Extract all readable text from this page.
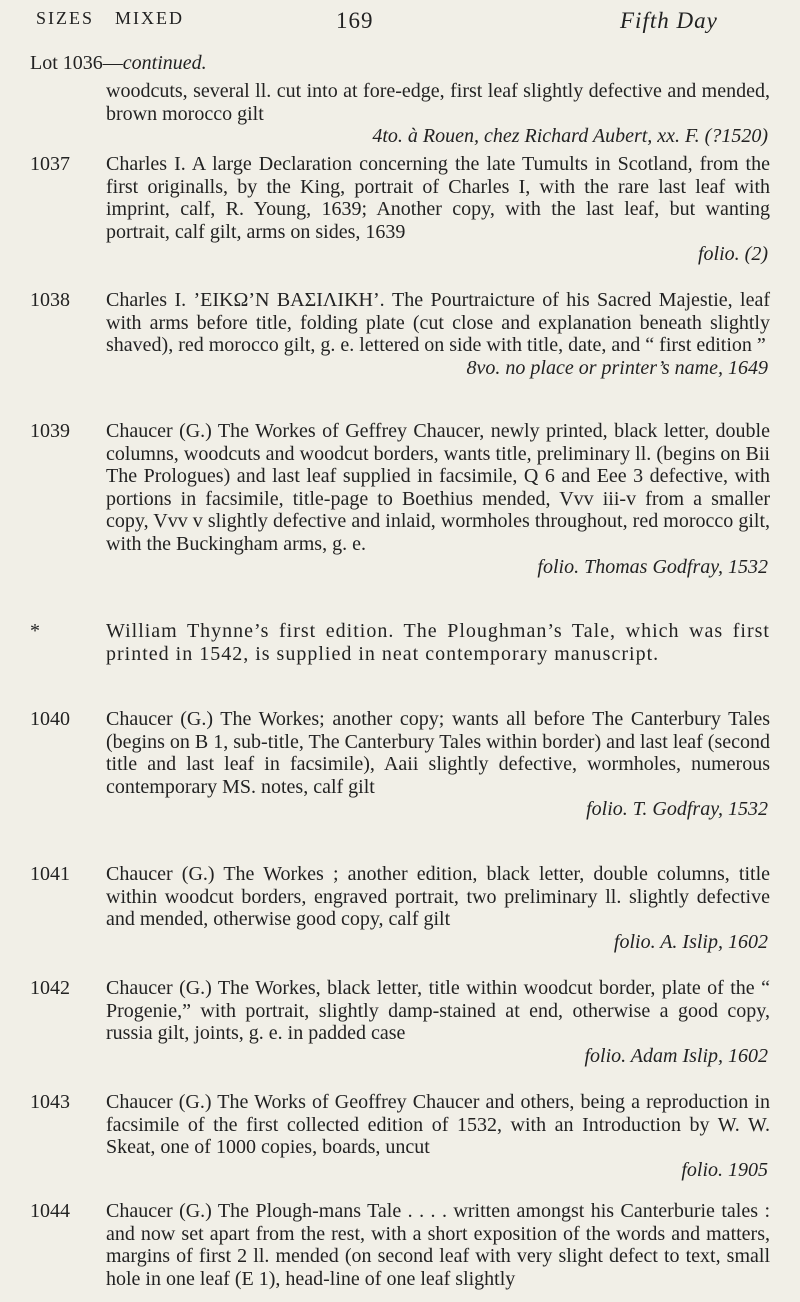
SIZES MIXED	169	Fifth Day
Lot 1036—continued.
woodcuts, several ll. cut into at fore-edge, first leaf slightly defective and mended, brown morocco gilt
4to. à Rouen, chez Richard Aubert, xx. F. (?1520)
1037	Charles I. A large Declaration concerning the late Tumults in Scotland, from the first originalls, by the King, portrait of Charles I, with the rare last leaf with imprint, calf, R. Young, 1639; Another copy, with the last leaf, but wanting portrait, calf gilt, arms on sides, 1639
folio. (2)
1038	Charles I. ’ΕΙΚΩ’Ν ΒΑΣΙΛΙΚΗ’. The Pourtraicture of his Sacred Majestie, leaf with arms before title, folding plate (cut close and explanation beneath slightly shaved), red morocco gilt, g. e. lettered on side with title, date, and “ first edition ”
8vo. no place or printer’s name, 1649
1039	Chaucer (G.) The Workes of Geffrey Chaucer, newly printed, black letter, double columns, woodcuts and woodcut borders, wants title, preliminary ll. (begins on Bii The Prologues) and last leaf supplied in facsimile, Q 6 and Eee 3 defective, with portions in facsimile, title-page to Boethius mended, Vvv iii-v from a smaller copy, Vvv v slightly defective and inlaid, wormholes throughout, red morocco gilt, with the Buckingham arms, g. e.
folio. Thomas Godfray, 1532
*	William Thynne’s first edition. The Ploughman’s Tale, which was first printed in 1542, is supplied in neat contemporary manuscript.
1040	Chaucer (G.) The Workes; another copy; wants all before The Canterbury Tales (begins on B 1, sub-title, The Canterbury Tales within border) and last leaf (second title and last leaf in facsimile), Aaii slightly defective, wormholes, numerous contemporary MS. notes, calf gilt
folio. T. Godfray, 1532
1041	Chaucer (G.) The Workes ; another edition, black letter, double columns, title within woodcut borders, engraved portrait, two preliminary ll. slightly defective and mended, otherwise good copy, calf gilt
folio. A. Islip, 1602
1042	Chaucer (G.) The Workes, black letter, title within woodcut border, plate of the “ Progenie,” with portrait, slightly damp-stained at end, otherwise a good copy, russia gilt, joints, g. e. in padded case
folio. Adam Islip, 1602
1043	Chaucer (G.) The Works of Geoffrey Chaucer and others, being a reproduction in facsimile of the first collected edition of 1532, with an Introduction by W. W. Skeat, one of 1000 copies, boards, uncut
folio. 1905
1044	Chaucer (G.) The Plough-mans Tale . . . . written amongst his Canterburie tales : and now set apart from the rest, with a short exposition of the words and matters, margins of first 2 ll. mended (on second leaf with very slight defect to text, small hole in one leaf (E 1), head-line of one leaf slightly
